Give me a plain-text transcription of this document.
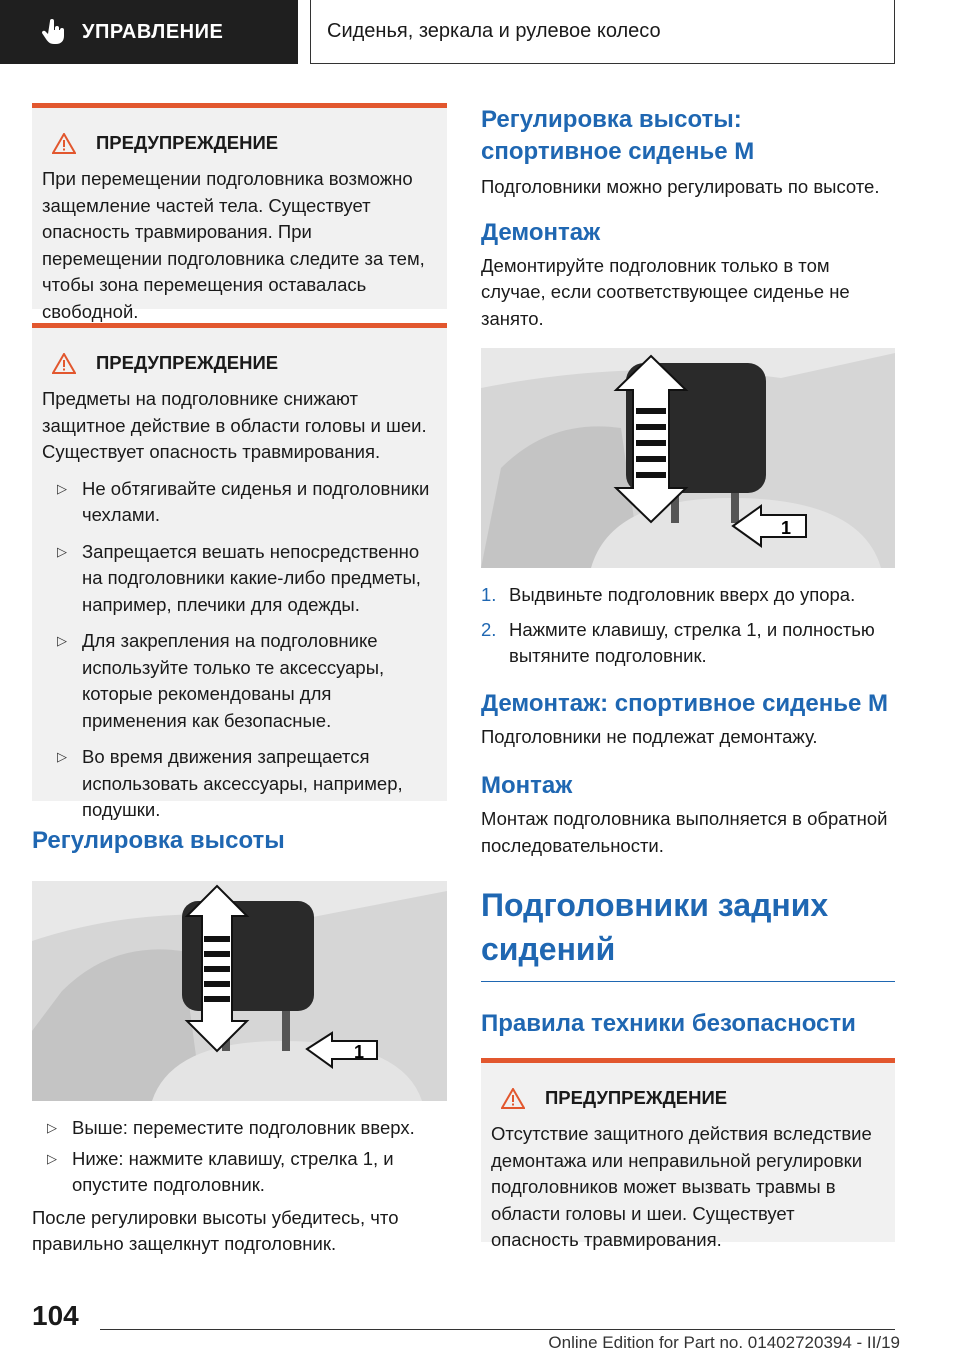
УПРАВЛЕНИЕ	Сиденья, зеркала и рулевое колесо
ПРЕДУПРЕЖДЕНИЕ

При перемещении подголовника возможно защемление частей тела. Существует опасность травмирования. При перемещении подголовника следите за тем, чтобы зона перемещения оставалась свободной.

ПРЕДУПРЕЖДЕНИЕ

Предметы на подголовнике снижают защитное действие в области головы и шеи. Существует опасность травмирования.

▷ Не обтягивайте сиденья и подголовники чехлами.
▷ Запрещается вешать непосредственно на подголовники какие-либо предметы, например, плечики для одежды.
▷ Для закрепления на подголовнике используйте только те аксессуары, которые рекомендованы для применения как безопасные.
▷ Во время движения запрещается использовать аксессуары, например, подушки.
Регулировка высоты
1
▷ Выше: переместите подголовник вверх.
▷ Ниже: нажмите клавишу, стрелка 1, и опустите подголовник.

После регулировки высоты убедитесь, что правильно защелкнут подголовник.

Регулировка высоты: спортивное сиденье M

Подголовники можно регулировать по высоте.

Демонтаж

Демонтируйте подголовник только в том случае, если соответствующее сиденье не занято.

1
1. Выдвиньте подголовник вверх до упора.
2. Нажмите клавишу, стрелка 1, и полностью вытяните подголовник.
Демонтаж: спортивное сиденье M

Подголовники не подлежат демонтажу.

Монтаж

Монтаж подголовника выполняется в обратной последовательности.

Подголовники задних сидений
Правила техники безопасности
ПРЕДУПРЕЖДЕНИЕ

Отсутствие защитного действия вследствие демонтажа или неправильной регулировки подголовников может вызвать травмы в области головы и шеи. Существует опасность травмирования.

104
Online Edition for Part no. 01402720394 - II/19
